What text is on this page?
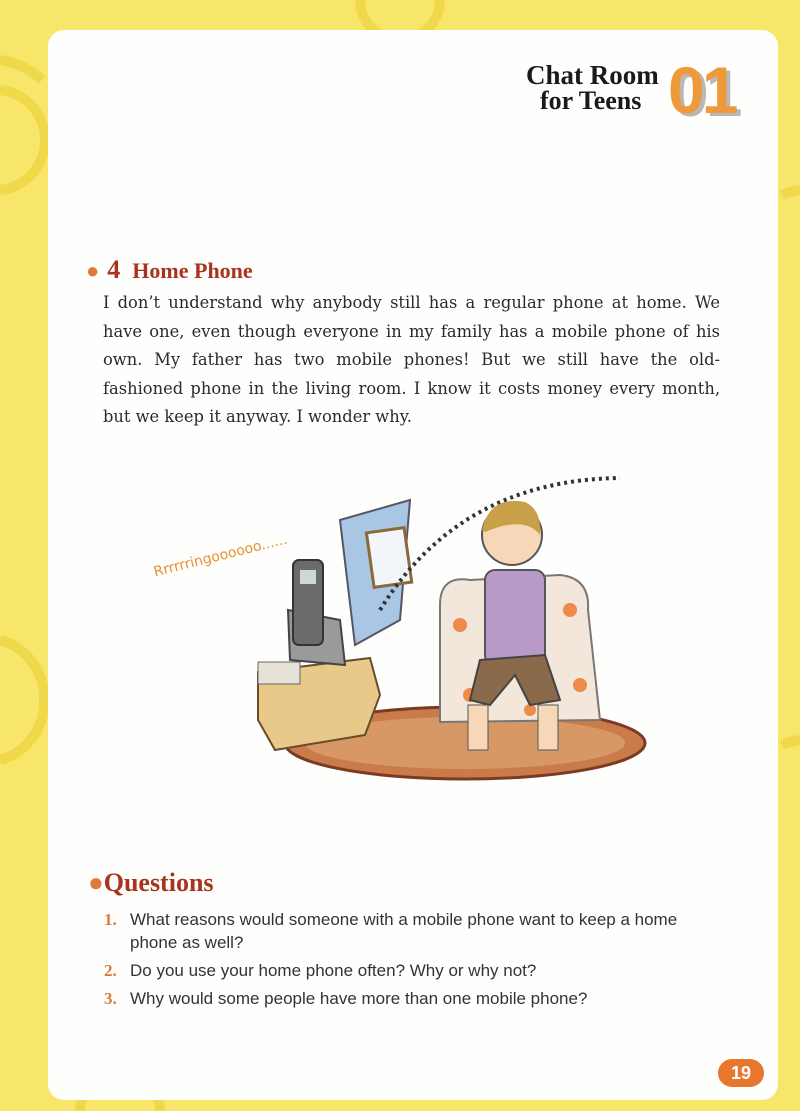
Chat Room
for Teens 01
● 4 Home Phone
I don’t understand why anybody still has a regular phone at home. We have one, even though everyone in my family has a mobile phone of his own. My father has two mobile phones! But we still have the old-fashioned phone in the living room. I know it costs money every month, but we keep it anyway. I wonder why.
Rrrrrringoooooo......
●Questions
1. What reasons would someone with a mobile phone want to keep a home phone as well?
2. Do you use your home phone often? Why or why not?
3. Why would some people have more than one mobile phone?
19
